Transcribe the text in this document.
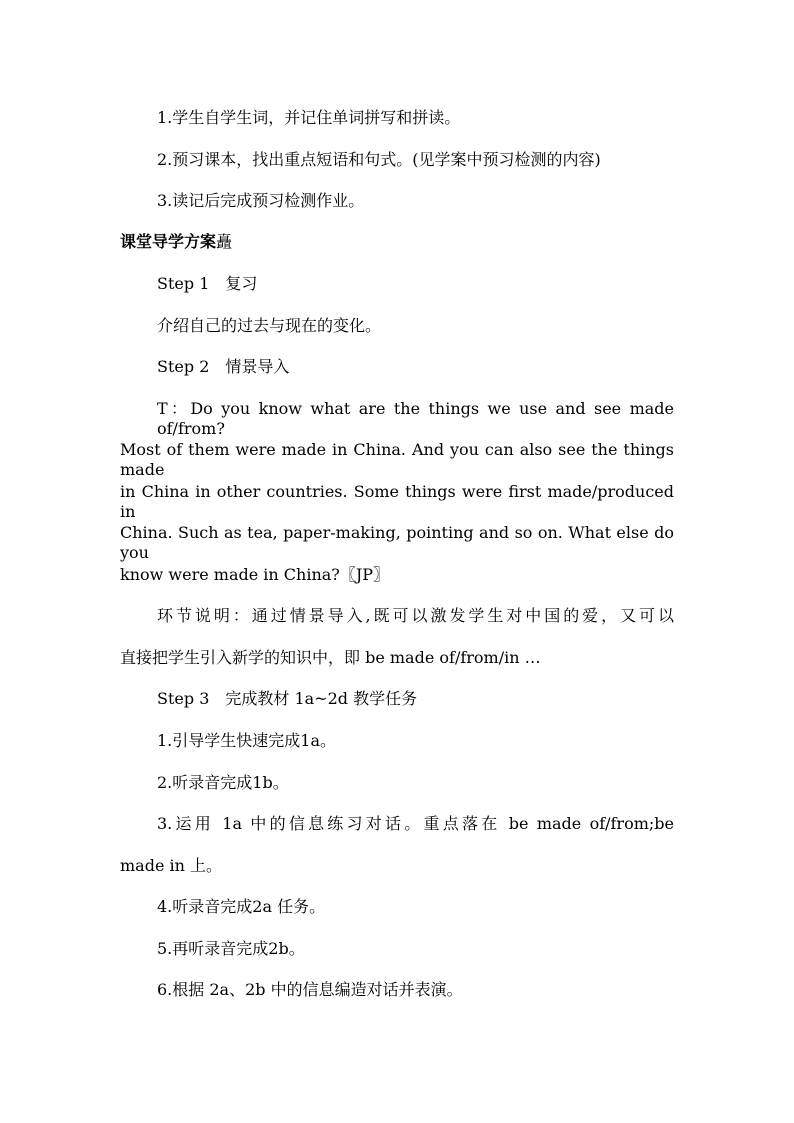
1.学生自学生词，并记住单词拼写和拼读。
2.预习课本，找出重点短语和句式。(见学案中预习检测的内容)
3.读记后完成预习检测作业。
课堂导学方案矗
Step 1　复习
介绍自己的过去与现在的变化。
Step 2　情景导入
T：Do you know what are the things we use and see made of/from?
Most of them were made in China. And you can also see the things made
in China in other countries. Some things were first made/produced in
China. Such as tea, paper-making, pointing and so on. What else do　you
know were made in China?〖JP〗
环节说明：通过情景导入,既可以激发学生对中国的爱，又可以
直接把学生引入新学的知识中，即 be made of/from/in …
Step 3　完成教材 1a~2d 教学任务
1.引导学生快速完成1a。
2.听录音完成1b。
3.运用 1a 中的信息练习对话。重点落在 be made of/from;be
made in 上。
4.听录音完成2a 任务。
5.再听录音完成2b。
6.根据 2a、2b 中的信息编造对话并表演。
